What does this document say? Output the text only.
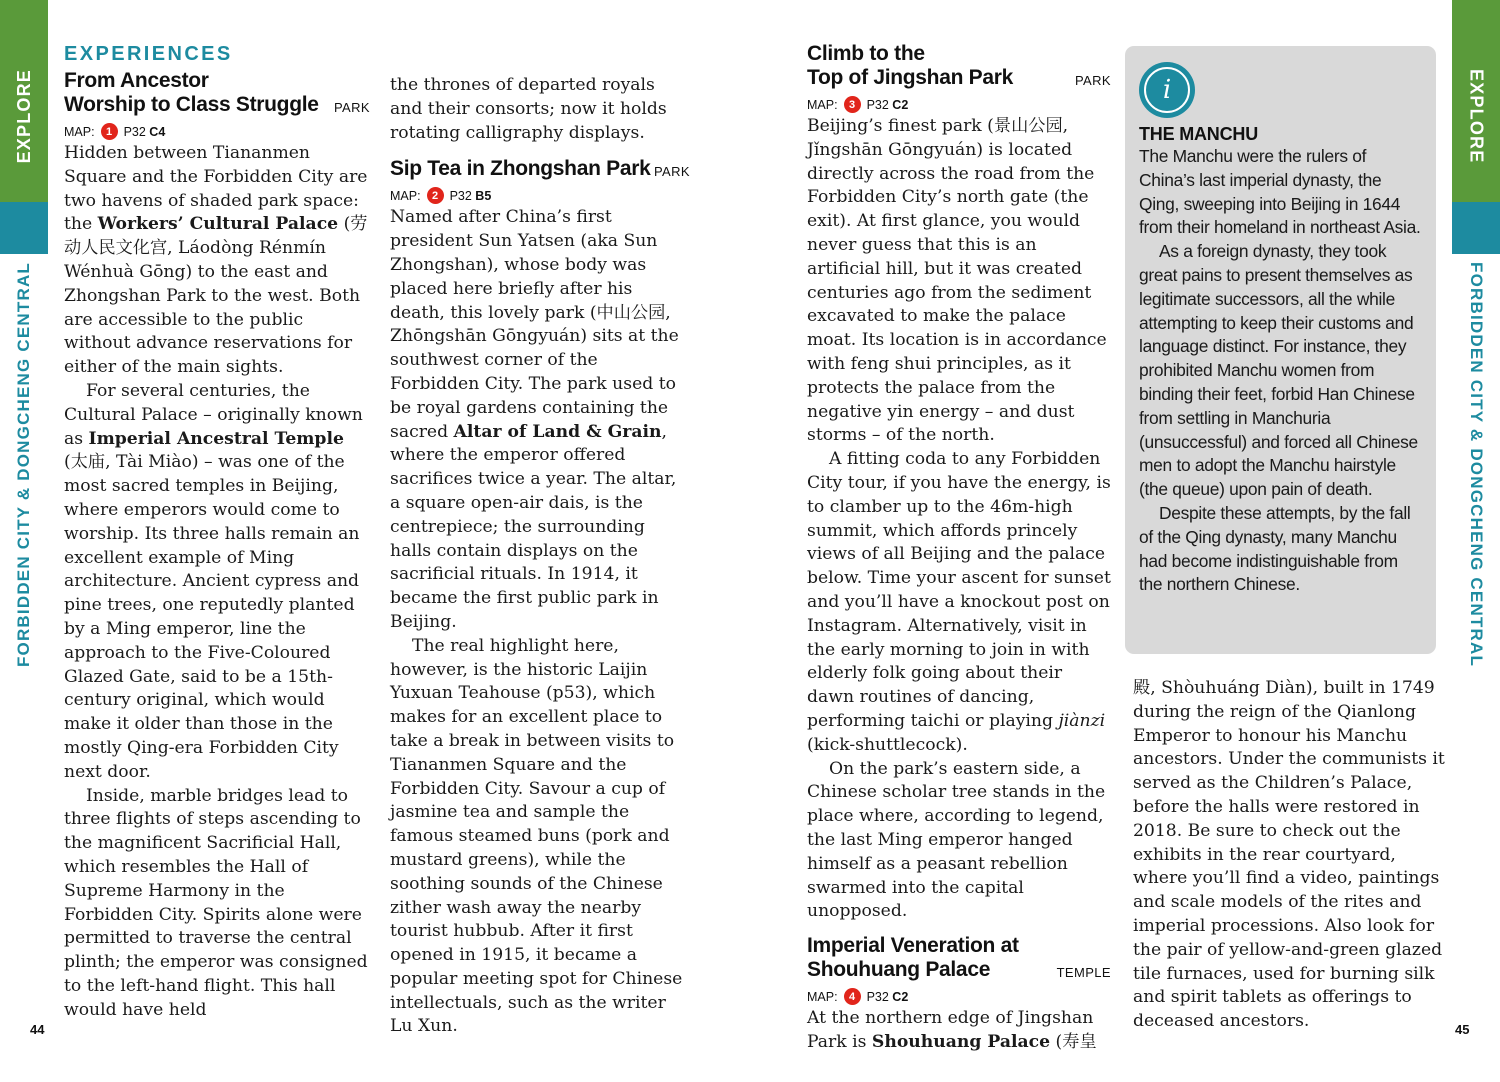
EXPLORE
FORBIDDEN CITY & DONGCHENG CENTRAL
EXPLORE
FORBIDDEN CITY & DONGCHENG CENTRAL
EXPERIENCES
From Ancestor
Worship to Class Struggle PARK
MAP:	1 P32 C4

Hidden between Tiananmen Square and the Forbidden City are two havens of shaded park space: the Workers’ Cultural Palace (劳动人民文化宫, Láodòng Rénmín Wénhuà Gōng) to the east and Zhongshan Park to the west. Both are accessible to the public without advance reservations for either of the main sights.

For several centuries, the Cultural Palace – originally known as Imperial Ancestral Temple (太庙, Tài Miào) – was one of the most sacred temples in Beijing, where emperors would come to worship. Its three halls remain an excellent example of Ming architecture. Ancient cypress and pine trees, one reputedly planted by a Ming emperor, line the approach to the Five-Coloured Glazed Gate, said to be a 15th-century original, which would make it older than those in the mostly Qing-era Forbidden City next door.

Inside, marble bridges lead to three flights of steps ascending to the magnificent Sacrificial Hall, which resembles the Hall of Supreme Harmony in the Forbidden City. Spirits alone were permitted to traverse the central plinth; the emperor was consigned to the left-hand flight. This hall would have held

the thrones of departed royals and their consorts; now it holds rotating calligraphy displays.

Sip Tea in Zhongshan Park PARK
MAP:	2 P32 B5

Named after China’s first president Sun Yatsen (aka Sun Zhongshan), whose body was placed here briefly after his death, this lovely park (中山公园, Zhōngshān Gōngyuán) sits at the southwest corner of the Forbidden City. The park used to be royal gardens containing the sacred Altar of Land & Grain, where the emperor offered sacrifices twice a year. The altar, a square open-air dais, is the centrepiece; the surrounding halls contain displays on the sacrificial rituals. In 1914, it became the first public park in Beijing.

The real highlight here, however, is the historic Laijin Yuxuan Teahouse (p53), which makes for an excellent place to take a break in between visits to Tiananmen Square and the Forbidden City. Savour a cup of jasmine tea and sample the famous steamed buns (pork and mustard greens), while the soothing sounds of the Chinese zither wash away the nearby tourist hubbub. After it first opened in 1915, it became a popular meeting spot for Chinese intellectuals, such as the writer Lu Xun.

Climb to the
Top of Jingshan Park	PARK
MAP:	3 P32 C2

Beijing’s finest park (景山公园, Jǐngshān Gōngyuán) is located directly across the road from the Forbidden City’s north gate (the exit). At first glance, you would never guess that this is an artificial hill, but it was created centuries ago from the sediment excavated to make the palace moat. Its location is in accordance with feng shui principles, as it protects the palace from the negative yin energy – and dust storms – of the north.

A fitting coda to any Forbidden City tour, if you have the energy, is to clamber up to the 46m-high summit, which affords princely views of all Beijing and the palace below. Time your ascent for sunset and you’ll have a knockout post on Instagram. Alternatively, visit in the early morning to join in with elderly folk going about their dawn routines of dancing, performing taichi or playing jiànzi (kick-shuttlecock).

On the park’s eastern side, a Chinese scholar tree stands in the place where, according to legend, the last Ming emperor hanged himself as a peasant rebellion swarmed into the capital unopposed.

Imperial Veneration at
Shouhuang Palace	TEMPLE
MAP:	4 P32 C2

At the northern edge of Jingshan Park is Shouhuang Palace (寿皇

i
THE MANCHU

The Manchu were the rulers of China’s last imperial dynasty, the Qing, sweeping into Beijing in 1644 from their homeland in northeast Asia.

As a foreign dynasty, they took great pains to present themselves as legitimate successors, all the while attempting to keep their customs and language distinct. For instance, they prohibited Manchu women from binding their feet, forbid Han Chinese from settling in Manchuria (unsuccessful) and forced all Chinese men to adopt the Manchu hairstyle (the queue) upon pain of death.

Despite these attempts, by the fall of the Qing dynasty, many Manchu had become indistinguishable from the northern Chinese.

殿, Shòuhuáng Diàn), built in 1749 during the reign of the Qianlong Emperor to honour his Manchu ancestors. Under the communists it served as the Children’s Palace, before the halls were restored in 2018. Be sure to check out the exhibits in the rear courtyard, where you’ll find a video, paintings and scale models of the rites and imperial processions. Also look for the pair of yellow-and-green glazed tile furnaces, used for burning silk and spirit tablets as offerings to deceased ancestors.

44	45
